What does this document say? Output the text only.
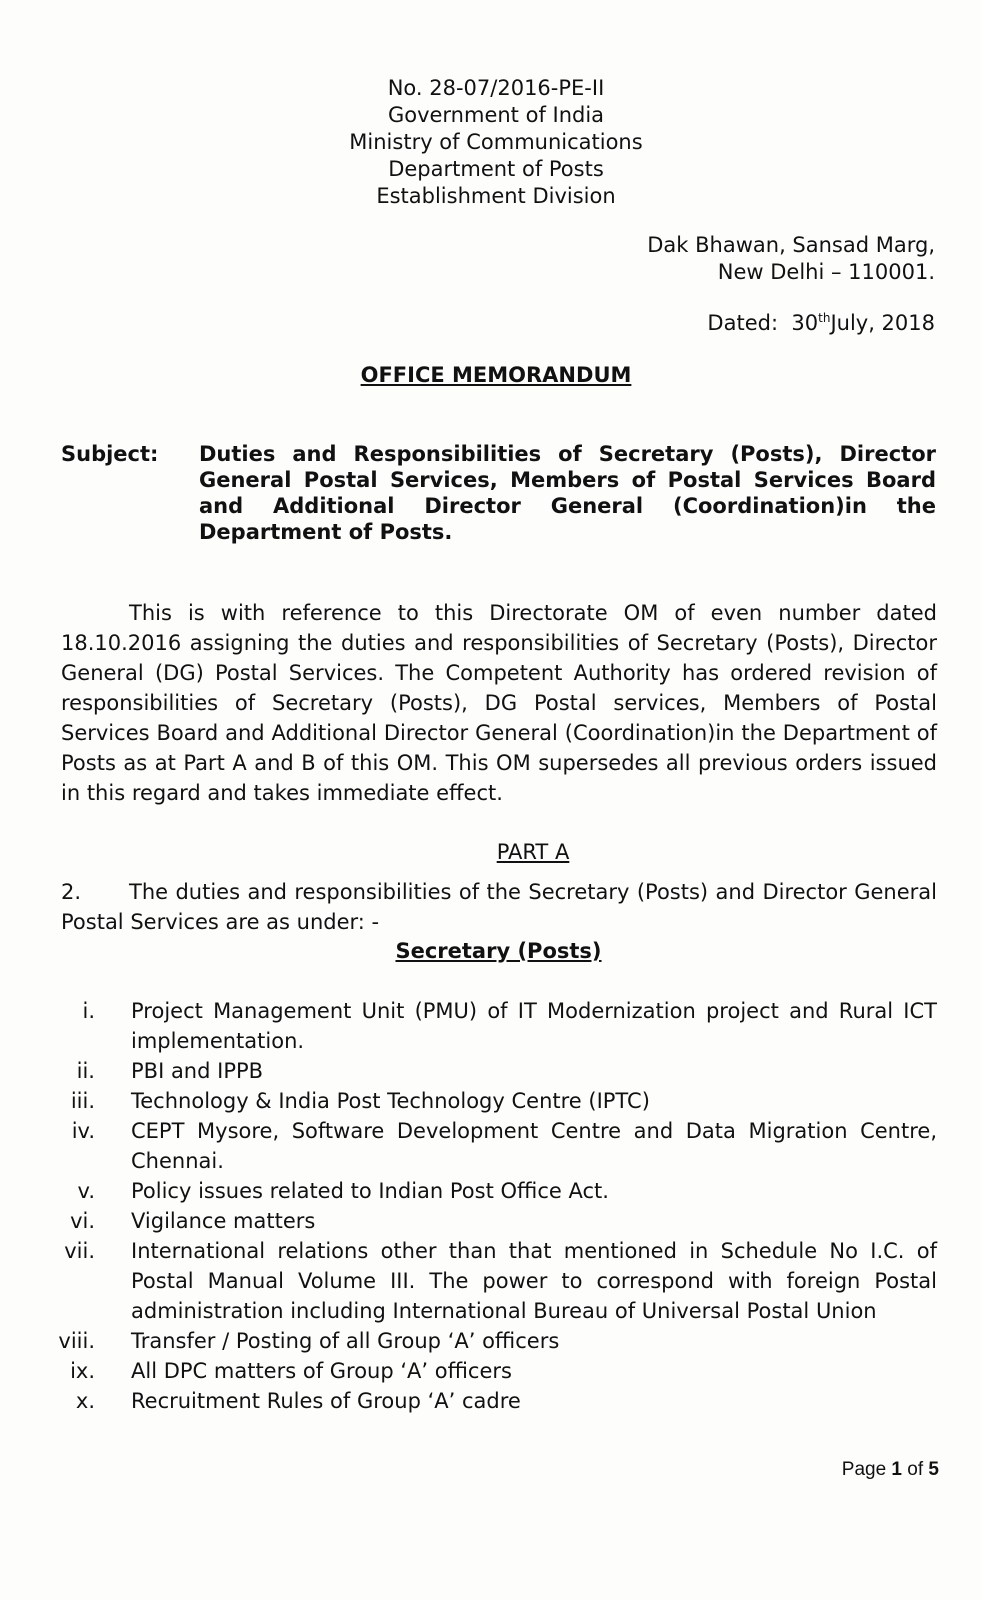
No. 28-07/2016-PE-II
Government of India
Ministry of Communications
Department of Posts
Establishment Division
Dak Bhawan, Sansad Marg,
New Delhi – 110001.
Dated: 30thJuly, 2018
OFFICE MEMORANDUM
Subject: Duties and Responsibilities of Secretary (Posts), Director General Postal Services, Members of Postal Services Board and Additional Director General (Coordination)in the Department of Posts.

This is with reference to this Directorate OM of even number dated 18.10.2016 assigning the duties and responsibilities of Secretary (Posts), Director General (DG) Postal Services. The Competent Authority has ordered revision of responsibilities of Secretary (Posts), DG Postal services, Members of Postal Services Board and Additional Director General (Coordination)in the Department of Posts as at Part A and B of this OM. This OM supersedes all previous orders issued in this regard and takes immediate effect.

PART A

2. The duties and responsibilities of the Secretary (Posts) and Director General Postal Services are as under: -

Secretary (Posts)
i. Project Management Unit (PMU) of IT Modernization project and Rural ICT implementation.
ii. PBI and IPPB
iii. Technology & India Post Technology Centre (IPTC)
iv. CEPT Mysore, Software Development Centre and Data Migration Centre, Chennai.
v. Policy issues related to Indian Post Office Act.
vi. Vigilance matters
vii. International relations other than that mentioned in Schedule No I.C. of Postal Manual Volume III. The power to correspond with foreign Postal administration including International Bureau of Universal Postal Union
viii. Transfer / Posting of all Group ‘A’ officers
ix. All DPC matters of Group ‘A’ officers
x. Recruitment Rules of Group ‘A’ cadre
Page 1 of 5
